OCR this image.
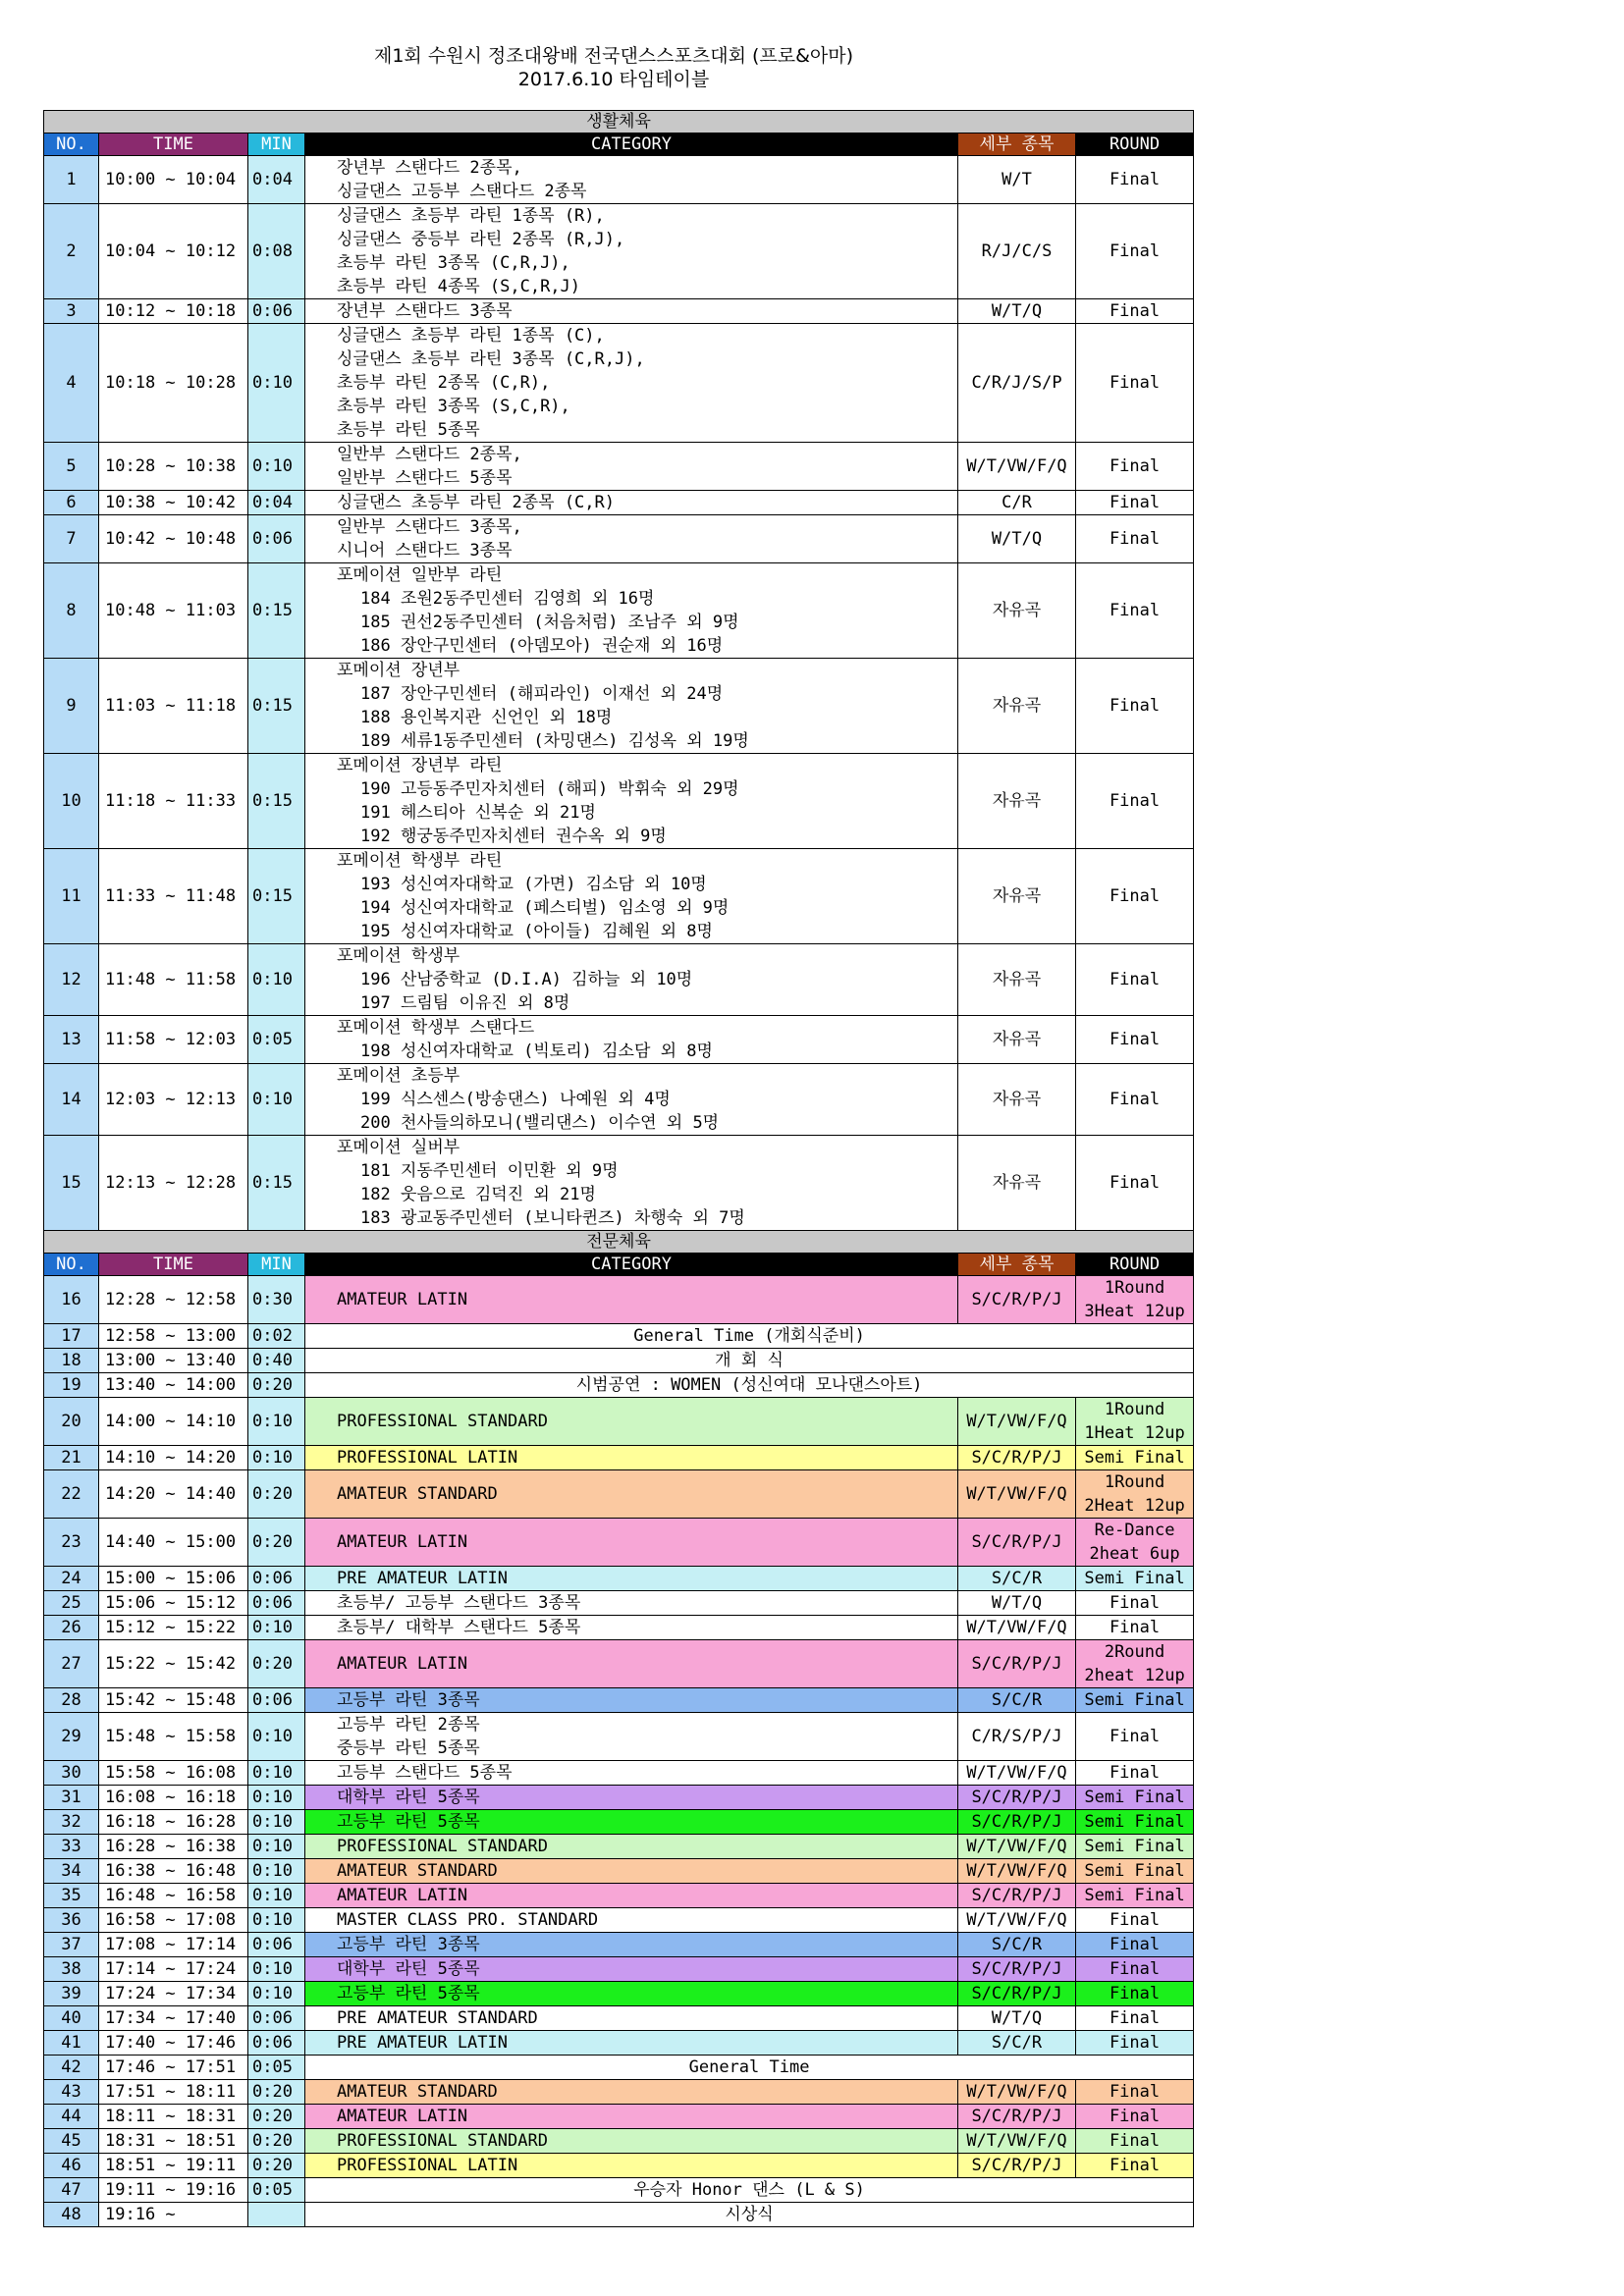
제1회 수원시 정조대왕배 전국댄스스포츠대회 (프로&아마)
2017.6.10 타임테이블
생활체육					
NO.	TIME	MIN	CATEGORY	세부 종목	ROUND
1	10:00 ~ 10:04	0:04	장년부 스탠다드 2종목,
싱글댄스 고등부 스탠다드 2종목	W/T	Final

2	10:04 ~ 10:12	0:08	싱글댄스 초등부 라틴 1종목 (R),
싱글댄스 중등부 라틴 2종목 (R,J),
초등부 라틴 3종목 (C,R,J),
초등부 라틴 4종목 (S,C,R,J)	R/J/C/S	Final

3	10:12 ~ 10:18	0:06	장년부 스탠다드 3종목	W/T/Q	Final

4	10:18 ~ 10:28	0:10	싱글댄스 초등부 라틴 1종목 (C),
싱글댄스 초등부 라틴 3종목 (C,R,J),
초등부 라틴 2종목 (C,R),
초등부 라틴 3종목 (S,C,R),
초등부 라틴 5종목	C/R/J/S/P	Final

5	10:28 ~ 10:38	0:10	일반부 스탠다드 2종목,
일반부 스탠다드 5종목	W/T/VW/F/Q	Final

6	10:38 ~ 10:42	0:04	싱글댄스 초등부 라틴 2종목 (C,R)	C/R	Final

7	10:42 ~ 10:48	0:06	일반부 스탠다드 3종목,
시니어 스탠다드 3종목	W/T/Q	Final

8	10:48 ~ 11:03	0:15	포메이션 일반부 라틴
184 조원2동주민센터 김영희 외 16명
185 권선2동주민센터 (처음처럼) 조남주 외 9명
186 장안구민센터 (아뎀모아) 권순재 외 16명	자유곡	Final

9	11:03 ~ 11:18	0:15	포메이션 장년부
187 장안구민센터 (해피라인) 이재선 외 24명
188 용인복지관 신언인 외 18명
189 세류1동주민센터 (차밍댄스) 김성옥 외 19명	자유곡	Final

10	11:18 ~ 11:33	0:15	포메이션 장년부 라틴
190 고등동주민자치센터 (해피) 박휘숙 외 29명
191 헤스티아 신복순 외 21명
192 행궁동주민자치센터 권수옥 외 9명	자유곡	Final

11	11:33 ~ 11:48	0:15	포메이션 학생부 라틴
193 성신여자대학교 (가면) 김소담 외 10명
194 성신여자대학교 (페스티벌) 임소영 외 9명
195 성신여자대학교 (아이들) 김혜원 외 8명	자유곡	Final

12	11:48 ~ 11:58	0:10	포메이션 학생부
196 산남중학교 (D.I.A) 김하늘 외 10명
197 드림팀 이유진 외 8명	자유곡	Final

13	11:58 ~ 12:03	0:05	포메이션 학생부 스탠다드
198 성신여자대학교 (빅토리) 김소담 외 8명	자유곡	Final

14	12:03 ~ 12:13	0:10	포메이션 초등부
199 식스센스(방송댄스) 나예원 외 4명
200 천사들의하모니(밸리댄스) 이수연 외 5명	자유곡	Final

15	12:13 ~ 12:28	0:15	포메이션 실버부
181 지동주민센터 이민환 외 9명
182 웃음으로 김덕진 외 21명
183 광교동주민센터 (보니타퀸즈) 차행숙 외 7명	자유곡	Final

전문체육					
NO.	TIME	MIN	CATEGORY	세부 종목	ROUND
16	12:28 ~ 12:58	0:30	AMATEUR LATIN	S/C/R/P/J	1Round
3Heat 12up

17	12:58 ~ 13:00	0:02	General Time (개회식준비)		

18	13:00 ~ 13:40	0:40	개 회 식		

19	13:40 ~ 14:00	0:20	시범공연 : WOMEN (성신여대 모나댄스아트)		

20	14:00 ~ 14:10	0:10	PROFESSIONAL STANDARD	W/T/VW/F/Q	1Round
1Heat 12up

21	14:10 ~ 14:20	0:10	PROFESSIONAL LATIN	S/C/R/P/J	Semi Final

22	14:20 ~ 14:40	0:20	AMATEUR STANDARD	W/T/VW/F/Q	1Round
2Heat 12up

23	14:40 ~ 15:00	0:20	AMATEUR LATIN	S/C/R/P/J	Re-Dance
2heat 6up

24	15:00 ~ 15:06	0:06	PRE AMATEUR LATIN	S/C/R	Semi Final

25	15:06 ~ 15:12	0:06	초등부/ 고등부 스탠다드 3종목	W/T/Q	Final

26	15:12 ~ 15:22	0:10	초등부/ 대학부 스탠다드 5종목	W/T/VW/F/Q	Final

27	15:22 ~ 15:42	0:20	AMATEUR LATIN	S/C/R/P/J	2Round
2heat 12up

28	15:42 ~ 15:48	0:06	고등부 라틴 3종목	S/C/R	Semi Final

29	15:48 ~ 15:58	0:10	고등부 라틴 2종목
중등부 라틴 5종목	C/R/S/P/J	Final

30	15:58 ~ 16:08	0:10	고등부 스탠다드 5종목	W/T/VW/F/Q	Final

31	16:08 ~ 16:18	0:10	대학부 라틴 5종목	S/C/R/P/J	Semi Final

32	16:18 ~ 16:28	0:10	고등부 라틴 5종목	S/C/R/P/J	Semi Final

33	16:28 ~ 16:38	0:10	PROFESSIONAL STANDARD	W/T/VW/F/Q	Semi Final

34	16:38 ~ 16:48	0:10	AMATEUR STANDARD	W/T/VW/F/Q	Semi Final

35	16:48 ~ 16:58	0:10	AMATEUR LATIN	S/C/R/P/J	Semi Final

36	16:58 ~ 17:08	0:10	MASTER CLASS PRO. STANDARD	W/T/VW/F/Q	Final

37	17:08 ~ 17:14	0:06	고등부 라틴 3종목	S/C/R	Final

38	17:14 ~ 17:24	0:10	대학부 라틴 5종목	S/C/R/P/J	Final

39	17:24 ~ 17:34	0:10	고등부 라틴 5종목	S/C/R/P/J	Final

40	17:34 ~ 17:40	0:06	PRE AMATEUR STANDARD	W/T/Q	Final

41	17:40 ~ 17:46	0:06	PRE AMATEUR LATIN	S/C/R	Final

42	17:46 ~ 17:51	0:05	General Time		

43	17:51 ~ 18:11	0:20	AMATEUR STANDARD	W/T/VW/F/Q	Final

44	18:11 ~ 18:31	0:20	AMATEUR LATIN	S/C/R/P/J	Final

45	18:31 ~ 18:51	0:20	PROFESSIONAL STANDARD	W/T/VW/F/Q	Final

46	18:51 ~ 19:11	0:20	PROFESSIONAL LATIN	S/C/R/P/J	Final

47	19:11 ~ 19:16	0:05	우승자 Honor 댄스 (L & S)		

48	19:16 ~		시상식		
